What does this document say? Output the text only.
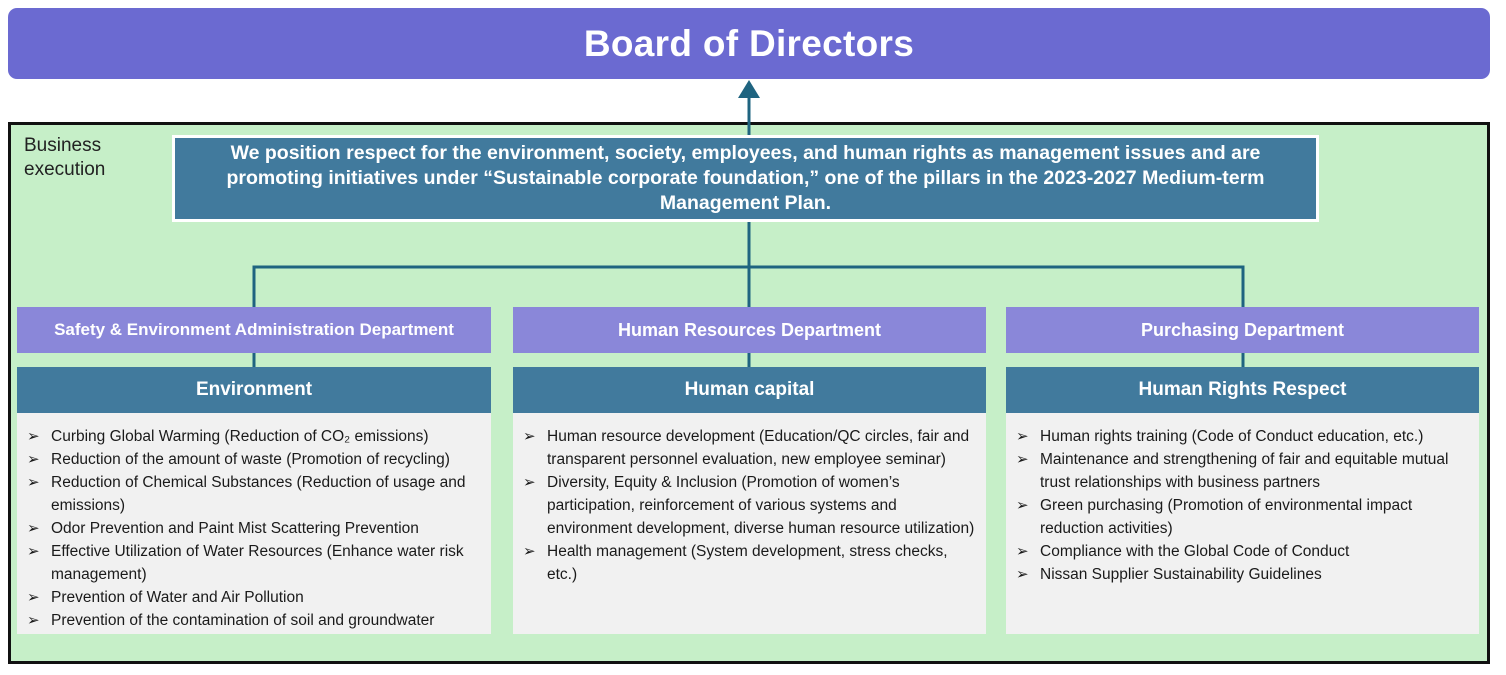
Board of Directors
Business
execution
We position respect for the environment, society, employees, and human rights as management issues and are promoting initiatives under “Sustainable corporate foundation,” one of the pillars in the 2023-2027 Medium-term Management Plan.
Safety & Environment Administration Department
Environment
➢ Curbing Global Warming (Reduction of CO₂ emissions)
➢ Reduction of the amount of waste (Promotion of recycling)
➢ Reduction of Chemical Substances (Reduction of usage and emissions)
➢ Odor Prevention and Paint Mist Scattering Prevention
➢ Effective Utilization of Water Resources (Enhance water risk management)
➢ Prevention of Water and Air Pollution
➢ Prevention of the contamination of soil and groundwater
Human Resources Department
Human capital
➢ Human resource development (Education/QC circles, fair and transparent personnel evaluation, new employee seminar)
➢ Diversity, Equity & Inclusion (Promotion of women’s participation, reinforcement of various systems and environment development, diverse human resource utilization)
➢ Health management (System development, stress checks, etc.)
Purchasing Department
Human Rights Respect
➢ Human rights training (Code of Conduct education, etc.)
➢ Maintenance and strengthening of fair and equitable mutual trust relationships with business partners
➢ Green purchasing (Promotion of environmental impact reduction activities)
➢ Compliance with the Global Code of Conduct
➢ Nissan Supplier Sustainability Guidelines
